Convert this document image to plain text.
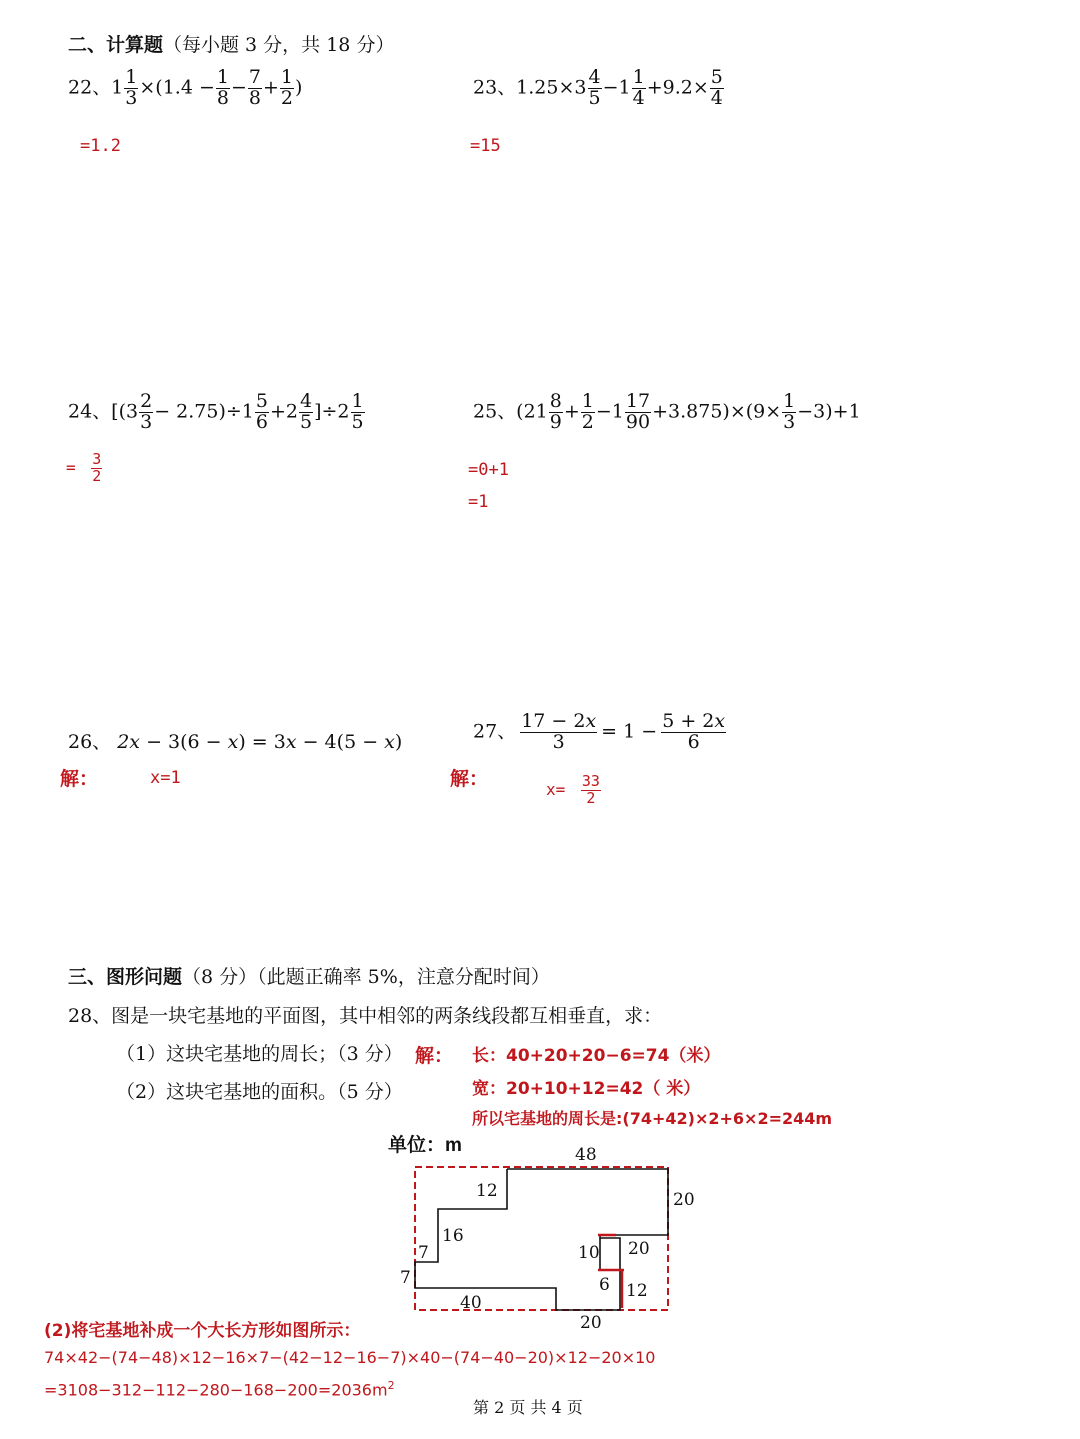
二、计算题（每小题 3 分，共 18 分）
22、$1 \frac{1}{3} \times(1.4 - \frac{1}{8} - \frac{7}{8} + \frac{1}{2}$ )
=1.2
23、$1.25\times 3 \frac{4}{5} -1 \frac{1}{4} +9.2\times \frac{5}{4}$
=15
24、$[(3 \frac{2}{3} - 2.75)\div 1 \frac{5}{6} +2 \frac{4}{5} ]\div 2 \frac{1}{5}$
= $\frac{3}{2}$
25、$(21 \frac{8}{9} + \frac{1}{2} -1 \frac{17}{90} +3.875)\times(9\times \frac{1}{3} -3)+1$
=0+1
=1
26、 2x − 3(6 − x) = 3x − 4(5 − x)
解：	x=1
27、 $\frac{17 - 2x}{3} = 1 - \frac{5 + 2x}{6}$
解：	$x= \frac{33}{2}$
三、图形问题（8 分）（此题正确率 5%，注意分配时间）
28、图是一块宅基地的平面图，其中相邻的两条线段都互相垂直，求：
（1）这块宅基地的周长；（3 分）
（2）这块宅基地的面积。（5 分）
解： 长：40+20+20−6=74（米）
宽：20+10+12=42（ 米）
所以宅基地的周长是:(74+42)×2+6×2=244m
单位：m	48
20
12
16
7
7
40
20
10 20
6 12
(2)将宅基地补成一个大长方形如图所示：
74×42−(74−48)×12−16×7−(42−12−16−7)×40−(74−40−20)×12−20×10
$=3108-312-112-280-168-200=2036m^2$
第 2 页 共 4 页
